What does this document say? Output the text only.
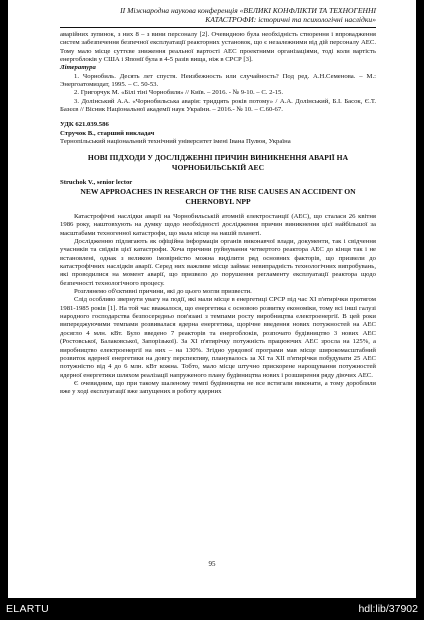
ІІ Міжнародна наукова конференція «ВЕЛИКІ КОНФЛІКТИ ТА ТЕХНОГЕННІ
КАТАСТРОФИ: історичні та психологічні наслідки»

аварійних зупинок, з них 8 – з вини персоналу [2]. Очевидною була необхідність створення і впровадження систем забезпечення безпечної експлуатації реакторних установок, що є незалежними від дій персоналу АЕС. Тому мало місце суттєве зниження реальної вартості АЕС проектними організаціями, тоді коли вартість енергоблоків у США і Японії була в 4-5 разів вища, ніж в СРСР [3].

Література

1. Чорнобиль. Десять лет спустя. Неизбежность или случайность? Под ред. А.Н.Семенова. – М.: Энергоатомиздат, 1995. – С. 50-53.

2. Григорчук М. «Білі тіні Чорнобиля» // Київ. – 2016. - № 9-10. – С. 2-15.

3. Долінський А.А. «Чорнобильська аварія: тридцять років потому» / А.А. Долінський, Б.І. Басок, Є.Т. Базєєв // Вісник Національної академії наук України. – 2016.- № 10. – С.60-67.

УДК 621.039.586

Стручок В., старший викладач

Тернопільський національний технічний університет імені Івана Пулюя, Україна

НОВІ ПІДХОДИ У ДОСЛІДЖЕННІ ПРИЧИН ВИНИКНЕННЯ АВАРІЇ НА
ЧОРНОБИЛЬСЬКІЙ АЕС

Struchok V., senior lector

NEW APPROACHES IN RESEARCH OF THE RISE CAUSES AN ACCIDENT ON
CHERNOBYL NPP

Катастрофічні наслідки аварії на Чорнобильській атомній електростанції (АЕС), що сталася 26 квітня 1986 року, наштовхують на думку щодо необхідності дослідження причин виникнення цієї найбільшої за масштабами техногенної катастрофи, що мала місце на нашій планеті.

Дослідженню підлягають як офіційна інформація органів виконавчої влади, документи, так і свідчення учасників та свідків цієї катастрофи. Хоча причини руйнування четвертого реактора АЕС до кінця так і не встановлені, однак з великою імовірністю можна виділити ряд основних факторів, що призвели до катастрофічних наслідків аварії. Серед них важливе місце займає невипрадність технологічних випробувань, які проводилися на момент аварії, що призвело до порушення регламенту експлуатації реактора щодо безпечності технологічного процесу.

Розглянемо об'єктивні причини, які до цього могли призвести.

Слід особливо звернути увагу на події, які мали місце в енергетиці СРСР під час ХІ п'ятирічки протягом 1981-1985 років [1]. На той час вважалося, що енергетика є основою розвитку економіки, тому всі інші галузі народного господарства безпосередньо пов'язані з темпами росту виробництва електроенергії. В цей роки випереджуючими темпами розвивалася ядерна енергетика, щорічне введення нових потужностей на АЕС досягло 4 млн. кВт. Було введено 7 реакторів та енергоблоків, розпочато будівництво 3 нових АЕС (Ростовської, Балаковської, Запорізької). За ХІ п'ятирічку потужність працюючих АЕС зросла на 125%, а виробництво електроенергії на них – на 130%. Згідно урядової програми мав місце широкомасштабний розвиток ядерної енергетики на довгу перспективу, планувалось за ХІ та ХІІ п'ятирічки побудувати 25 АЕС потужністю від 4 до 6 млн. кВт кожна. Тобто, мало місце штучно прискорене нарощування потужностей ядерної енергетики шляхом реалізації напруженого плану будівництва нових і розширення ряду діючих АЕС.

Є очевидним, що при такому шаленому темпі будівництва не все встигали виконати, а тому доробляли вже у ході експлуатації вже запущених в роботу ядерних

95
ELARTU	hdl:lib/37902
